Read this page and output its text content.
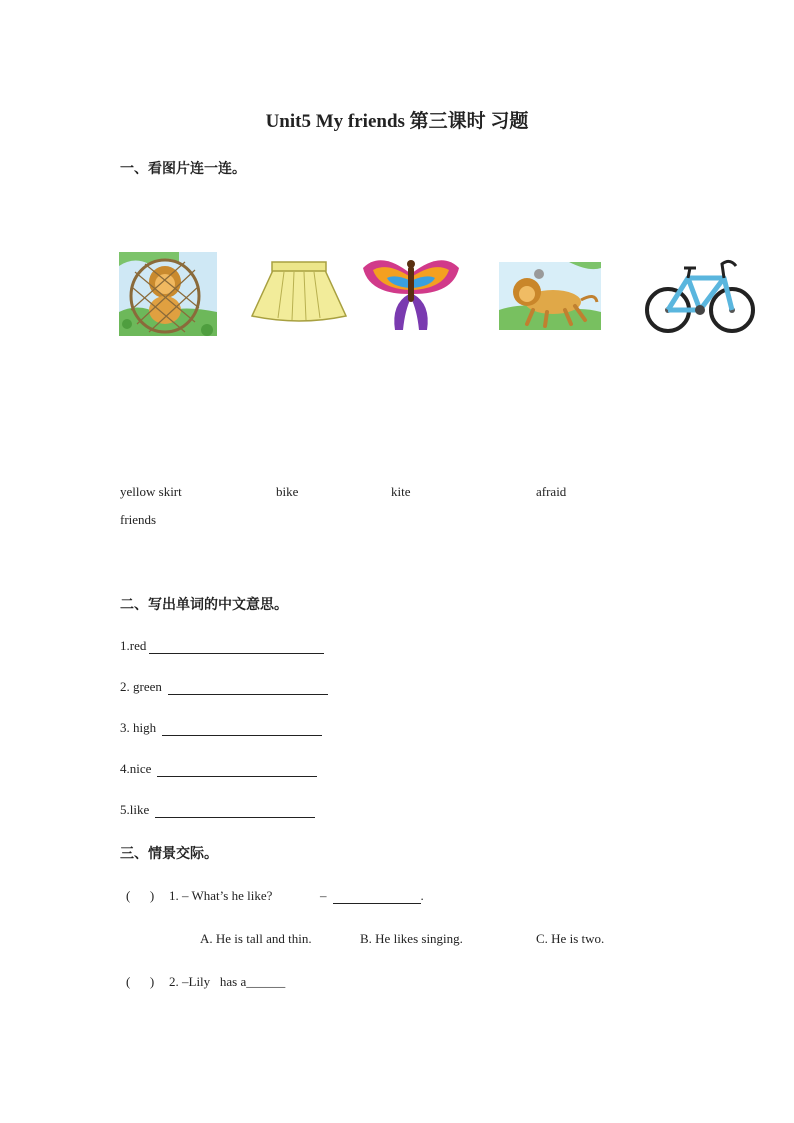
Unit5 My friends 第三课时 习题
一、看图片连一连。
yellow skirt	bike	kite	afraid
friends
二、写出单词的中文意思。
1.red
2. green
3. high
4.nice
5.like
三、情景交际。
(      ) 1. – What’s he like?	–	.
A. He is tall and thin.	B. He likes singing.	C. He is two.
(      ) 2. –Lily   has a______
